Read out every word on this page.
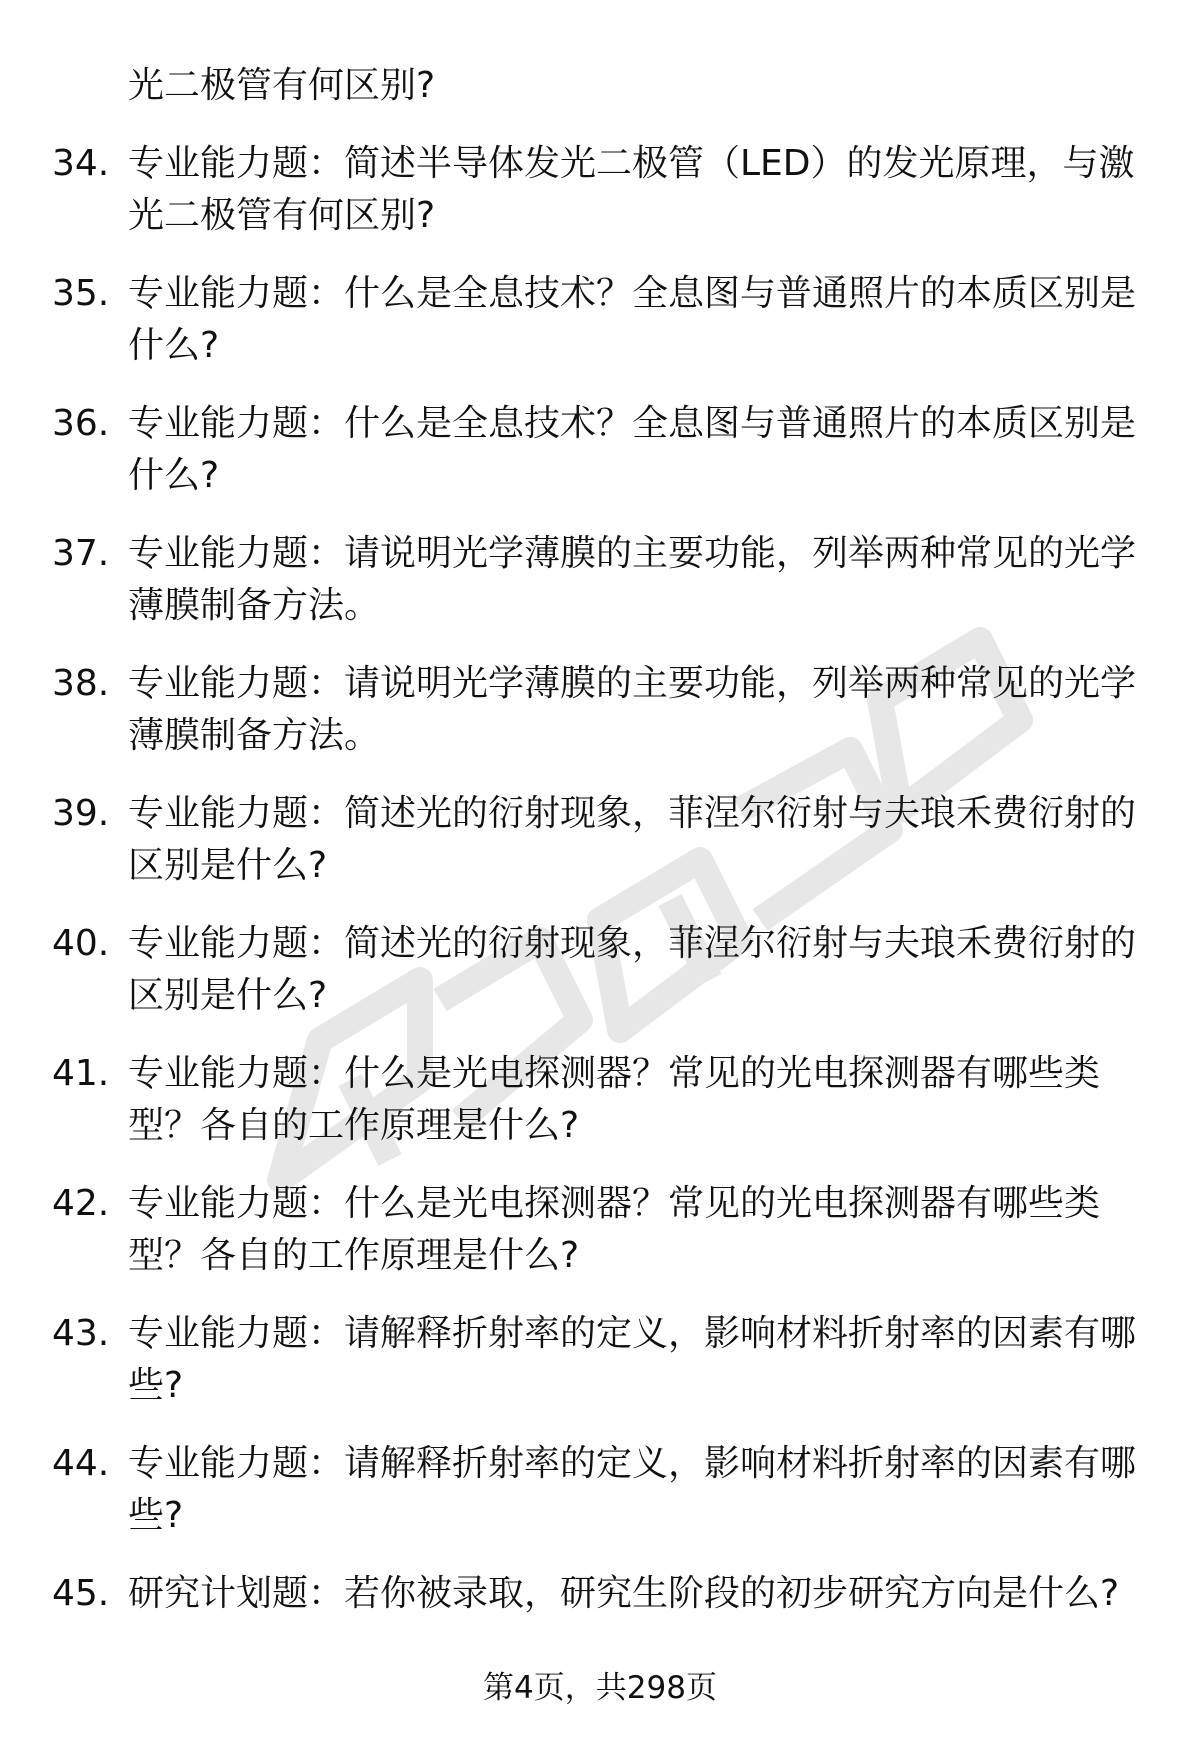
光二极管有何区别?
34. 专业能力题：简述半导体发光二极管（LED）的发光原理，与激
光二极管有何区别?
35. 专业能力题：什么是全息技术？全息图与普通照片的本质区别是
什么?
36. 专业能力题：什么是全息技术？全息图与普通照片的本质区别是
什么?
37. 专业能力题：请说明光学薄膜的主要功能，列举两种常见的光学
薄膜制备方法。
38. 专业能力题：请说明光学薄膜的主要功能，列举两种常见的光学
薄膜制备方法。
39. 专业能力题：简述光的衍射现象，菲涅尔衍射与夫琅禾费衍射的
区别是什么?
40. 专业能力题：简述光的衍射现象，菲涅尔衍射与夫琅禾费衍射的
区别是什么?
41. 专业能力题：什么是光电探测器？常见的光电探测器有哪些类
型？各自的工作原理是什么?
42. 专业能力题：什么是光电探测器？常见的光电探测器有哪些类
型？各自的工作原理是什么?
43. 专业能力题：请解释折射率的定义，影响材料折射率的因素有哪
些?
44. 专业能力题：请解释折射率的定义，影响材料折射率的因素有哪
些?
45. 研究计划题：若你被录取，研究生阶段的初步研究方向是什么?
第4页，共298页
